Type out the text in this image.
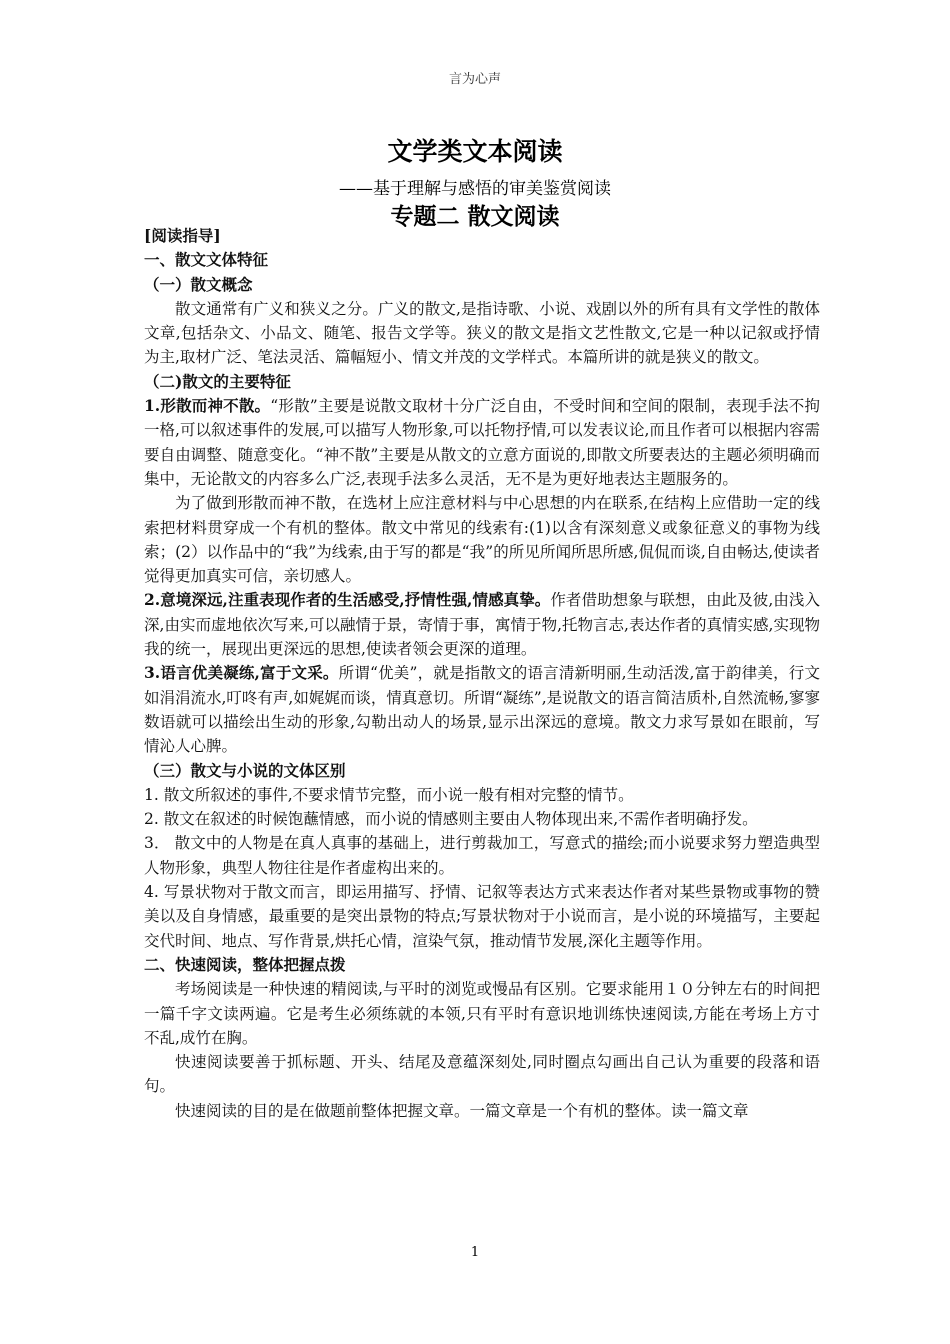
言为心声
文学类文本阅读
——基于理解与感悟的审美鉴赏阅读
专题二 散文阅读

[阅读指导]

一、散文文体特征

（一）散文概念

散文通常有广义和狭义之分。广义的散文,是指诗歌、小说、戏剧以外的所有具有文学性的散体文章,包括杂文、小品文、随笔、报告文学等。狭义的散文是指文艺性散文,它是一种以记叙或抒情为主,取材广泛、笔法灵活、篇幅短小、情文并茂的文学样式。本篇所讲的就是狭义的散文。

（二)散文的主要特征

1.形散而神不散。“形散”主要是说散文取材十分广泛自由，不受时间和空间的限制，表现手法不拘一格,可以叙述事件的发展,可以描写人物形象,可以托物抒情,可以发表议论,而且作者可以根据内容需要自由调整、随意变化。“神不散”主要是从散文的立意方面说的,即散文所要表达的主题必须明确而集中，无论散文的内容多么广泛,表现手法多么灵活，无不是为更好地表达主题服务的。

为了做到形散而神不散，在选材上应注意材料与中心思想的内在联系,在结构上应借助一定的线索把材料贯穿成一个有机的整体。散文中常见的线索有:(1)以含有深刻意义或象征意义的事物为线索；(2）以作品中的“我”为线索,由于写的都是“我”的所见所闻所思所感,侃侃而谈,自由畅达,使读者觉得更加真实可信，亲切感人。

2.意境深远,注重表现作者的生活感受,抒情性强,情感真挚。作者借助想象与联想，由此及彼,由浅入深,由实而虚地依次写来,可以融情于景，寄情于事，寓情于物,托物言志,表达作者的真情实感,实现物我的统一，展现出更深远的思想,使读者领会更深的道理。

3.语言优美凝练,富于文采。所谓“优美”，就是指散文的语言清新明丽,生动活泼,富于韵律美，行文如涓涓流水,叮咚有声,如娓娓而谈，情真意切。所谓“凝练”,是说散文的语言简洁质朴,自然流畅,寥寥数语就可以描绘出生动的形象,勾勒出动人的场景,显示出深远的意境。散文力求写景如在眼前，写情沁人心脾。

（三）散文与小说的文体区别

1. 散文所叙述的事件,不要求情节完整，而小说一般有相对完整的情节。

2. 散文在叙述的时候饱蘸情感，而小说的情感则主要由人物体现出来,不需作者明确抒发。

3． 散文中的人物是在真人真事的基础上，进行剪裁加工，写意式的描绘;而小说要求努力塑造典型人物形象，典型人物往往是作者虚构出来的。

4. 写景状物对于散文而言，即运用描写、抒情、记叙等表达方式来表达作者对某些景物或事物的赞美以及自身情感，最重要的是突出景物的特点;写景状物对于小说而言，是小说的环境描写，主要起交代时间、地点、写作背景,烘托心情，渲染气氛，推动情节发展,深化主题等作用。

二、快速阅读，整体把握点拨

考场阅读是一种快速的精阅读,与平时的浏览或慢品有区别。它要求能用１０分钟左右的时间把一篇千字文读两遍。它是考生必须练就的本领,只有平时有意识地训练快速阅读,方能在考场上方寸不乱,成竹在胸。

快速阅读要善于抓标题、开头、结尾及意蕴深刻处,同时圈点勾画出自己认为重要的段落和语句。

快速阅读的目的是在做题前整体把握文章。一篇文章是一个有机的整体。读一篇文章

1
